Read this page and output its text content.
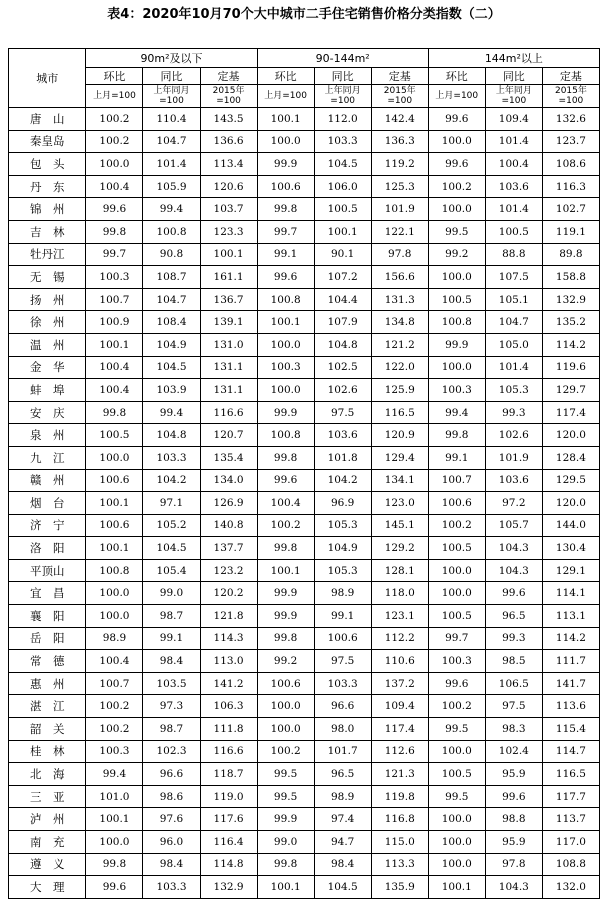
表4：2020年10月70个大中城市二手住宅销售价格分类指数（二）
城市	90m²及以下			90-144m²			144m²以上		
	环比	同比	定基	环比	同比	定基	环比	同比	定基
	上月=100	上年同月=100	2015年=100	上月=100	上年同月=100	2015年=100	上月=100	上年同月=100	2015年=100
唐　山	100.2	110.4	143.5	100.1	112.0	142.4	99.6	109.4	132.6
秦皇岛	100.2	104.7	136.6	100.0	103.3	136.3	100.0	101.4	123.7
包　头	100.0	101.4	113.4	99.9	104.5	119.2	99.6	100.4	108.6
丹　东	100.4	105.9	120.6	100.6	106.0	125.3	100.2	103.6	116.3
锦　州	99.6	99.4	103.7	99.8	100.5	101.9	100.0	101.4	102.7
吉　林	99.8	100.8	123.3	99.7	100.1	122.1	99.5	100.5	119.1
牡丹江	99.7	90.8	100.1	99.1	90.1	97.8	99.2	88.8	89.8
无　锡	100.3	108.7	161.1	99.6	107.2	156.6	100.0	107.5	158.8
扬　州	100.7	104.7	136.7	100.8	104.4	131.3	100.5	105.1	132.9
徐　州	100.9	108.4	139.1	100.1	107.9	134.8	100.8	104.7	135.2
温　州	100.1	104.9	131.0	100.0	104.8	121.2	99.9	105.0	114.2
金　华	100.4	104.5	131.1	100.3	102.5	122.0	100.0	101.4	119.6
蚌　埠	100.4	103.9	131.1	100.0	102.6	125.9	100.3	105.3	129.7
安　庆	99.8	99.4	116.6	99.9	97.5	116.5	99.4	99.3	117.4
泉　州	100.5	104.8	120.7	100.8	103.6	120.9	99.8	102.6	120.0
九　江	100.0	103.3	135.4	99.8	101.8	129.4	99.1	101.9	128.4
赣　州	100.6	104.2	134.0	99.6	104.2	134.1	100.7	103.6	129.5
烟　台	100.1	97.1	126.9	100.4	96.9	123.0	100.6	97.2	120.0
济　宁	100.6	105.2	140.8	100.2	105.3	145.1	100.2	105.7	144.0
洛　阳	100.1	104.5	137.7	99.8	104.9	129.2	100.5	104.3	130.4
平顶山	100.8	105.4	123.2	100.1	105.3	128.1	100.0	104.3	129.1
宜　昌	100.0	99.0	120.2	99.9	98.9	118.0	100.0	99.6	114.1
襄　阳	100.0	98.7	121.8	99.9	99.1	123.1	100.5	96.5	113.1
岳　阳	98.9	99.1	114.3	99.8	100.6	112.2	99.7	99.3	114.2
常　德	100.4	98.4	113.0	99.2	97.5	110.6	100.3	98.5	111.7
惠　州	100.7	103.5	141.2	100.6	103.3	137.2	99.6	106.5	141.7
湛　江	100.2	97.3	106.3	100.0	96.6	109.4	100.2	97.5	113.6
韶　关	100.2	98.7	111.8	100.0	98.0	117.4	99.5	98.3	115.4
桂　林	100.3	102.3	116.6	100.2	101.7	112.6	100.0	102.4	114.7
北　海	99.4	96.6	118.7	99.5	96.5	121.3	100.5	95.9	116.5
三　亚	101.0	98.6	119.0	99.5	98.9	119.8	99.5	99.6	117.7
泸　州	100.1	97.6	117.6	99.9	97.4	116.8	100.0	98.8	113.7
南　充	100.0	96.0	116.4	99.0	94.7	115.0	100.0	95.9	117.0
遵　义	99.8	98.4	114.8	99.8	98.4	113.3	100.0	97.8	108.8
大　理	99.6	103.3	132.9	100.1	104.5	135.9	100.1	104.3	132.0
